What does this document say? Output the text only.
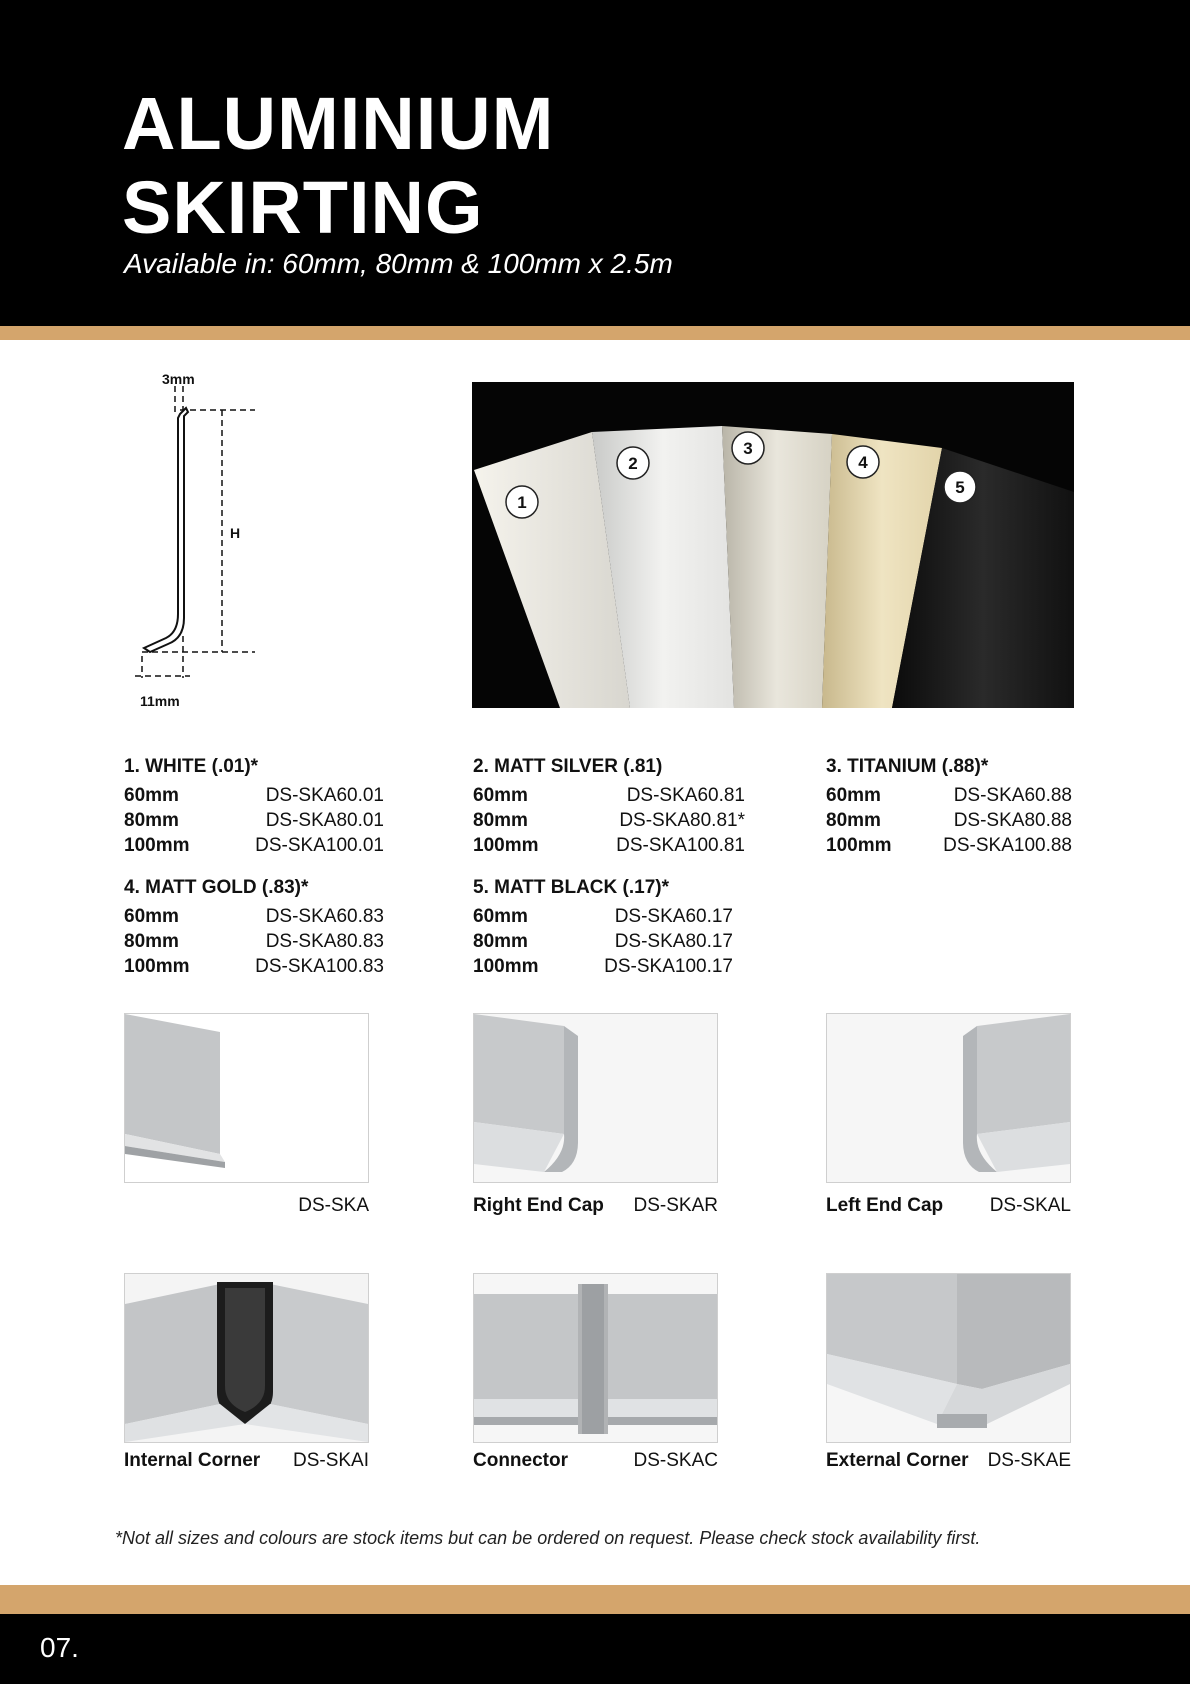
ALUMINIUM
SKIRTING
Available in: 60mm, 80mm & 100mm x 2.5m
3mm
H
11mm
1
2
3
4
5
1. WHITE (.01)*
60mm	DS-SKA60.01
80mm	DS-SKA80.01
100mm	DS-SKA100.01
2. MATT SILVER (.81)
60mm	DS-SKA60.81
80mm	DS-SKA80.81*
100mm	DS-SKA100.81
3. TITANIUM (.88)*
60mm	DS-SKA60.88
80mm	DS-SKA80.88
100mm	DS-SKA100.88
4. MATT GOLD (.83)*
60mm	DS-SKA60.83
80mm	DS-SKA80.83
100mm	DS-SKA100.83
5. MATT BLACK (.17)*
60mm	DS-SKA60.17
80mm	DS-SKA80.17
100mm	DS-SKA100.17
DS-SKA	Right End Cap DS-SKAR	Left End Cap DS-SKAL
Internal Corner DS-SKAI	Connector	DS-SKAC	External Corner DS-SKAE
*Not all sizes and colours are stock items but can be ordered on request. Please check stock availability first.
07.
